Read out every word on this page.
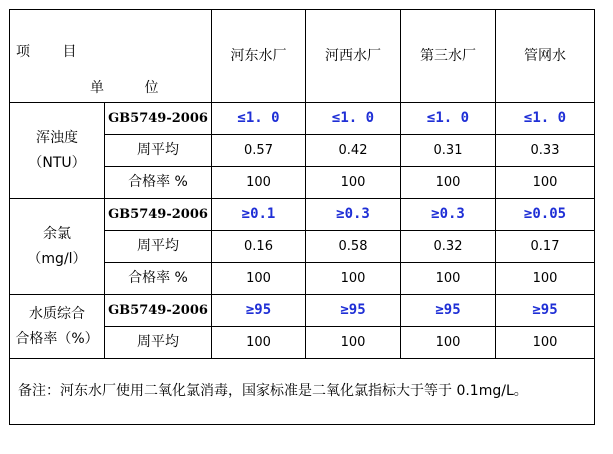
项 目
单 位		河东水厂	河西水厂	第三水厂	管网水

浑浊度
（NTU）	GB5749-2006	≤1. 0	≤1. 0	≤1. 0	≤1. 0
	周平均	0.57	0.42	0.31	0.33
	合格率 %	100	100	100	100

余氯
（mg/l）	GB5749-2006	≥0.1	≥0.3	≥0.3	≥0.05
	周平均	0.16	0.58	0.32	0.17
	合格率 %	100	100	100	100

水质综合
合格率（%）	GB5749-2006	≥95	≥95	≥95	≥95
	周平均	100	100	100	100
备注：河东水厂使用二氧化氯消毒，国家标准是二氧化氯指标大于等于 0.1mg/L。					
